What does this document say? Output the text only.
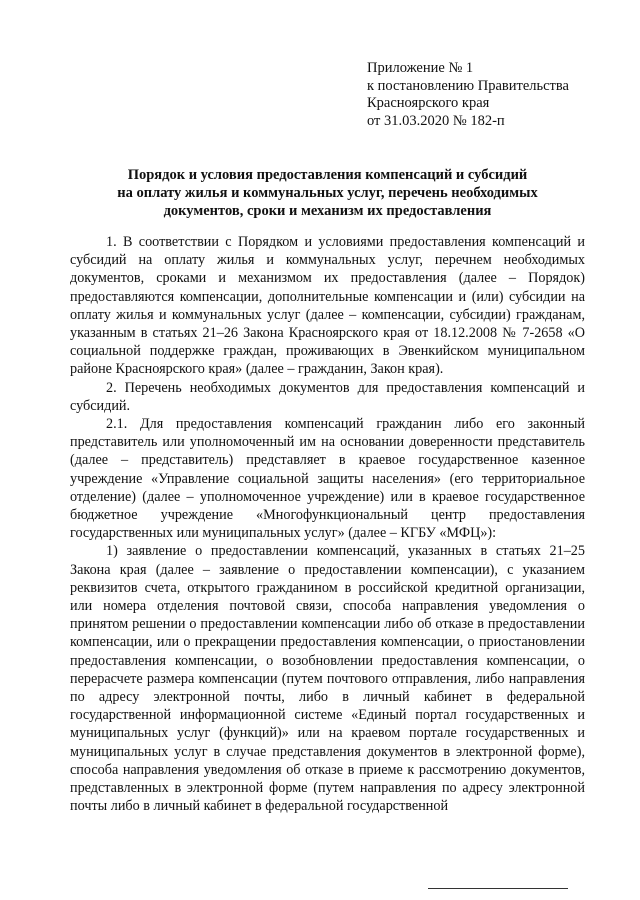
Приложение № 1
к постановлению Правительства
Красноярского края
от 31.03.2020 № 182-п
Порядок и условия предоставления компенсаций и субсидий
на оплату жилья и коммунальных услуг, перечень необходимых
документов, сроки и механизм их предоставления

1. В соответствии с Порядком и условиями предоставления компенсаций и субсидий на оплату жилья и коммунальных услуг, перечнем необходимых документов, сроками и механизмом их предоставления (далее – Порядок) предоставляются компенсации, дополнительные компенсации и (или) субсидии на оплату жилья и коммунальных услуг (далее – компенсации, субсидии) гражданам, указанным в статьях 21–26 Закона Красноярского края от 18.12.2008 № 7-2658 «О социальной поддержке граждан, проживающих в Эвенкийском муниципальном районе Красноярского края» (далее – гражданин, Закон края).

2. Перечень необходимых документов для предоставления компенсаций и субсидий.

2.1. Для предоставления компенсаций гражданин либо его законный представитель или уполномоченный им на основании доверенности представитель (далее – представитель) представляет в краевое государственное казенное учреждение «Управление социальной защиты населения» (его территориальное отделение) (далее – уполномоченное учреждение) или в краевое государственное бюджетное учреждение «Многофункциональный центр предоставления государственных или муниципальных услуг» (далее – КГБУ «МФЦ»):

1) заявление о предоставлении компенсаций, указанных в статьях 21–25 Закона края (далее – заявление о предоставлении компенсации), с указанием реквизитов счета, открытого гражданином в российской кредитной организации, или номера отделения почтовой связи, способа направления уведомления о принятом решении о предоставлении компенсации либо об отказе в предоставлении компенсации, или о прекращении предоставления компенсации, о приостановлении предоставления компенсации, о возобновлении предоставления компенсации, о перерасчете размера компенсации (путем почтового отправления, либо направления по адресу электронной почты, либо в личный кабинет в федеральной государственной информационной системе «Единый портал государственных и муниципальных услуг (функций)» или на краевом портале государственных и муниципальных услуг в случае представления документов в электронной форме), способа направления уведомления об отказе в приеме к рассмотрению документов, представленных в электронной форме (путем направления по адресу электронной почты либо в личный кабинет в федеральной государственной
